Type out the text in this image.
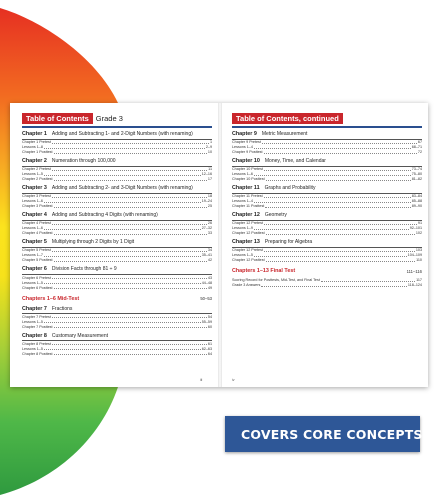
Table of Contents Grade 3
Chapter 1 Adding and Subtracting 1- and 2-Digit Numbers (with renaming)
Chapter 1 Pretest	1
Lessons 1–8	2–9
Chapter 1 Posttest	10
Chapter 2 Numeration through 100,000
Chapter 2 Pretest	11
Lessons 1–5	12–16
Chapter 2 Posttest	17
Chapter 3 Adding and Subtracting 2- and 3-Digit Numbers (with renaming)
Chapter 3 Pretest	18
Lessons 1–6	19–24
Chapter 3 Posttest	25
Chapter 4 Adding and Subtracting 4 Digits (with renaming)
Chapter 4 Pretest	26
Lessons 1–6	27–32
Chapter 4 Posttest	33
Chapter 5 Multiplying through 2 Digits by 1 Digit
Chapter 5 Pretest	34
Lessons 1–7	35–41
Chapter 5 Posttest	42
Chapter 6 Division Facts through 81 ÷ 9
Chapter 6 Pretest	43
Lessons 1–5	44–48
Chapter 6 Posttest	49
Chapters 1–6 Mid-Test	50–53
Chapter 7 Fractions
Chapter 7 Pretest	54
Lessons 1–5	55–59
Chapter 7 Posttest	60
Chapter 8 Customary Measurement
Chapter 8 Pretest	61
Lessons 1–5	62–63
Chapter 8 Posttest	64
iii
Table of Contents, continued
Chapter 9 Metric Measurement
Chapter 9 Pretest	67
Lessons 1–4	68–71
Chapter 9 Posttest	72
Chapter 10 Money, Time, and Calendar
Chapter 10 Pretest	73–74
Lessons 1–6	75–80
Chapter 10 Posttest	81–82
Chapter 11 Graphs and Probability
Chapter 11 Pretest	83–84
Lessons 1–4	85–88
Chapter 11 Posttest	89–90
Chapter 12 Geometry
Chapter 12 Pretest	91
Lessons 1–9	92–101
Chapter 12 Posttest	102
Chapter 13 Preparing for Algebra
Chapter 12 Pretest	103
Lessons 1–5	104–109
Chapter 12 Posttest	110
Chapters 1–13 Final Test	111–116
Scoring Record for Posttests, Mid-Test, and Final Test	117
Grade 3 Answers	118–124
iv
COVERS CORE CONCEPTS
